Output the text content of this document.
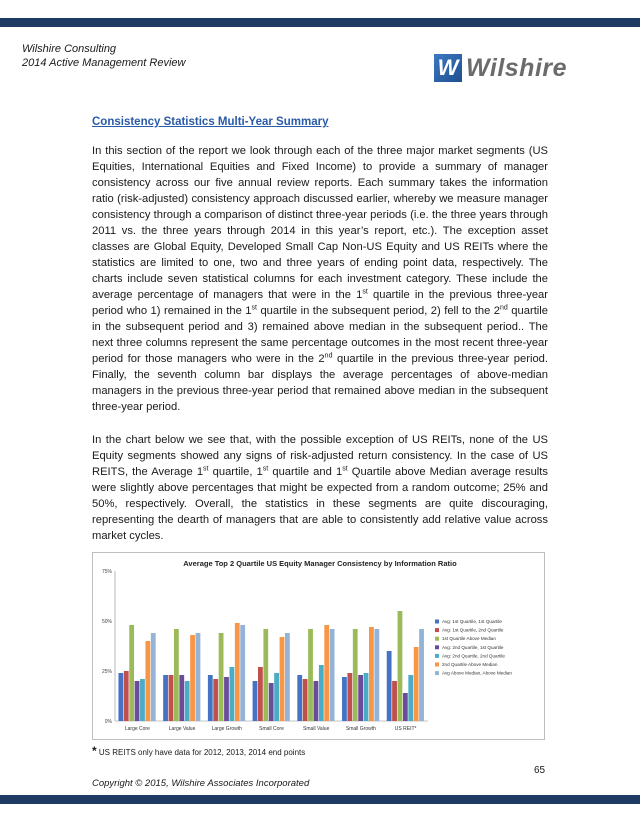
Wilshire Consulting
2014 Active Management Review	W Wilshire
Consistency Statistics Multi-Year Summary
In this section of the report we look through each of the three major market segments (US Equities, International Equities and Fixed Income) to provide a summary of manager consistency across our five annual review reports. Each summary takes the information ratio (risk-adjusted) consistency approach discussed earlier, whereby we measure manager consistency through a comparison of distinct three-year periods (i.e. the three years through 2011 vs. the three years through 2014 in this year’s report, etc.). The exception asset classes are Global Equity, Developed Small Cap Non-US Equity and US REITs where the statistics are limited to one, two and three years of ending point data, respectively. The charts include seven statistical columns for each investment category. These include the average percentage of managers that were in the 1st quartile in the previous three-year period who 1) remained in the 1st quartile in the subsequent period, 2) fell to the 2nd quartile in the subsequent period and 3) remained above median in the subsequent period.. The next three columns represent the same percentage outcomes in the most recent three-year period for those managers who were in the 2nd quartile in the previous three-year period. Finally, the seventh column bar displays the average percentages of above-median managers in the previous three-year period that remained above median in the subsequent three-year period.
In the chart below we see that, with the possible exception of US REITs, none of the US Equity segments showed any signs of risk-adjusted return consistency. In the case of US REITS, the Average 1st quartile, 1st quartile and 1st Quartile above Median average results were slightly above percentages that might be expected from a random outcome; 25% and 50%, respectively. Overall, the statistics in these segments are quite discouraging, representing the dearth of managers that are able to consistently add relative value across market cycles.
Average Top 2 Quartile US Equity Manager Consistency by Information Ratio
0%
25%
50%
75%
Large Core	Large Value	Large Growth	Small Core	Small Value	Small Growth	US REIT*
Avg: 1st Quartile, 1st Quartile
Avg: 1st Quartile, 2nd Quartile
1st Quartile Above Median
Avg: 2nd Quartile, 1st Quartile
Avg: 2nd Quartile, 2nd Quartile
2nd Quartile Above Median
Avg Above Median, Above Median
* US REITS only have data for 2012, 2013, 2014 end points
65
Copyright © 2015, Wilshire Associates Incorporated
